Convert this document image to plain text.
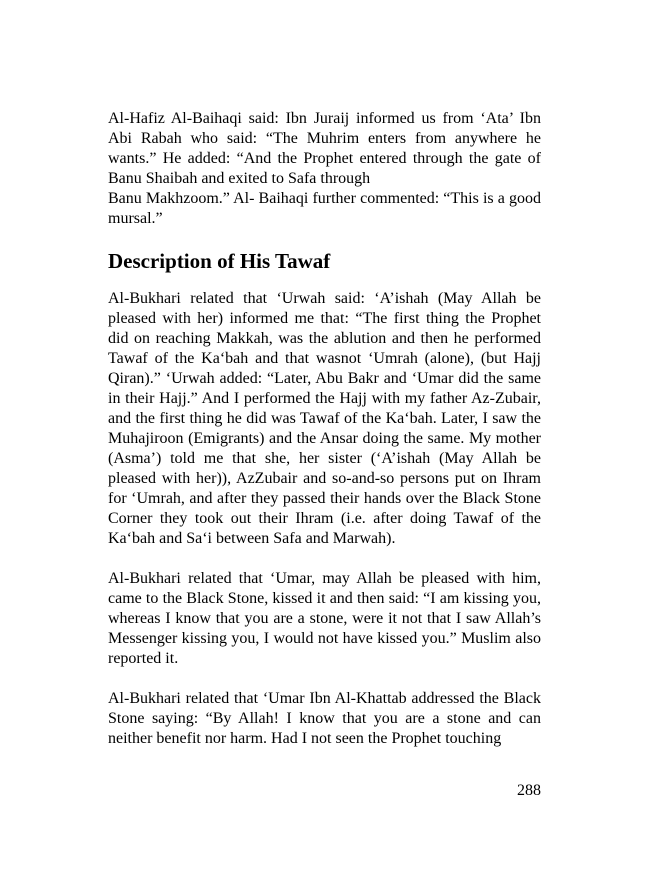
Al-Hafiz Al-Baihaqi said: Ibn Juraij informed us from ‘Ata’ Ibn Abi Rabah who said: “The Muhrim enters from anywhere he wants.” He added: “And the Prophet entered through the gate of Banu Shaibah and exited to Safa through
Banu Makhzoom.” Al- Baihaqi further commented: “This is a good mursal.”

Description of His Tawaf

Al-Bukhari related that ‘Urwah said: ‘A’ishah (May Allah be pleased with her) informed me that: “The first thing the Prophet did on reaching Makkah, was the ablution and then he performed Tawaf of the Ka‘bah and that wasnot ‘Umrah (alone), (but Hajj Qiran).” ‘Urwah added: “Later, Abu Bakr and ‘Umar did the same in their Hajj.” And I performed the Hajj with my father Az-Zubair, and the first thing he did was Tawaf of the Ka‘bah. Later, I saw the Muhajiroon (Emigrants) and the Ansar doing the same. My mother (Asma’) told me that she, her sister (‘A’ishah (May Allah be pleased with her)), AzZubair and so-and-so persons put on Ihram for ‘Umrah, and after they passed their hands over the Black Stone Corner they took out their Ihram (i.e. after doing Tawaf of the Ka‘bah and Sa‘i between Safa and Marwah).

Al-Bukhari related that ‘Umar, may Allah be pleased with him, came to the Black Stone, kissed it and then said: “I am kissing you, whereas I know that you are a stone, were it not that I saw Allah’s Messenger kissing you, I would not have kissed you.” Muslim also reported it.

Al-Bukhari related that ‘Umar Ibn Al-Khattab addressed the Black Stone saying: “By Allah! I know that you are a stone and can neither benefit nor harm. Had I not seen the Prophet touching

288
